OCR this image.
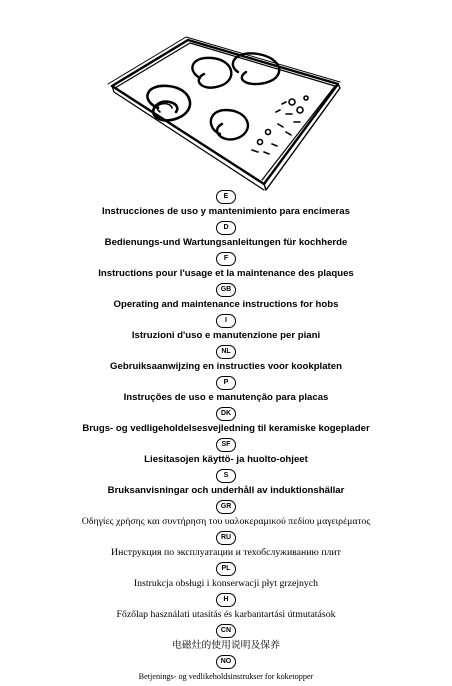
E
Instrucciones de uso y mantenimiento para encimeras
D
Bedienungs-und Wartungsanleitungen für kochherde
F
Instructions pour l'usage et la maintenance des plaques
GB
Operating and maintenance instructions for hobs
I
Istruzioni d'uso e manutenzione per piani
NL
Gebruiksaanwijzing en instructies voor kookplaten
P
Instruções de uso e manutenção para placas
DK
Brugs- og vedligeholdelsesvejledning til keramiske kogeplader
SF
Liesitasojen käyttö- ja huolto-ohjeet
S
Bruksanvisningar och underhåll av induktionshällar
GR
Οδηγίες χρήσης και συντήρηση του υαλοκεραμικού πεδίου μαγειρέματος
RU
Инструкция по эксплуатации и техобслуживанию плит
PL
Instrukcja obsługi i konserwacji płyt grzejnych
H
Főzőlap használati utasítás és karbantartási útmutatások
CN
电磁灶的使用说明及保养
NO
Betjenings- og vedlikeholdsinstrukser for koketopper
